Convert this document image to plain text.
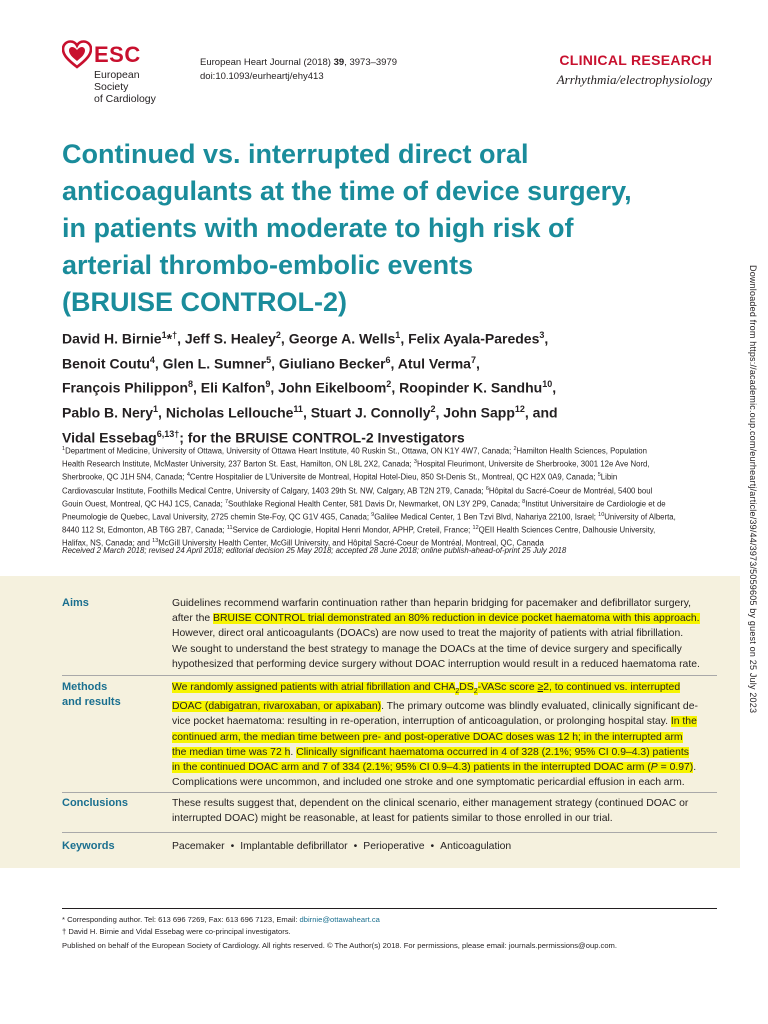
ESC
European Society
of Cardiology
European Heart Journal (2018) 39, 3973–3979
doi:10.1093/eurheartj/ehy413
CLINICAL RESEARCH
Arrhythmia/electrophysiology
Continued vs. interrupted direct oral
anticoagulants at the time of device surgery,
in patients with moderate to high risk of
arterial thrombo-embolic events
(BRUISE CONTROL-2)
David H. Birnie$^1$*†, Jeff S. Healey$^2$, George A. Wells$^1$, Felix Ayala-Paredes$^3$,
Benoit Coutu$^4$, Glen L. Sumner$^5$, Giuliano Becker$^6$, Atul Verma$^7$,
François Philippon$^8$, Eli Kalfon$^9$, John Eikelboom$^2$, Roopinder K. Sandhu$^{10}$,
Pablo B. Nery$^1$, Nicholas Lellouche$^{11}$, Stuart J. Connolly$^2$, John Sapp$^{12}$, and
Vidal Essebag$^{6,13\dagger}$; for the BRUISE CONTROL-2 Investigators
$^1$Department of Medicine, University of Ottawa, University of Ottawa Heart Institute, 40 Ruskin St., Ottawa, ON K1Y 4W7, Canada; $^2$Hamilton Health Sciences, Population
Health Research Institute, McMaster University, 237 Barton St. East, Hamilton, ON L8L 2X2, Canada; $^3$Hospital Fleurimont, Universite de Sherbrooke, 3001 12e Ave Nord,
Sherbrooke, QC J1H 5N4, Canada; $^4$Centre Hospitalier de L’Universite de Montreal, Hopital Hotel-Dieu, 850 St-Denis St., Montreal, QC H2X 0A9, Canada; $^5$Libin
Cardiovascular Institute, Foothills Medical Centre, University of Calgary, 1403 29th St. NW, Calgary, AB T2N 2T9, Canada; $^6$Hôpital du Sacré-Coeur de Montréal, 5400 boul
Gouin Ouest, Montreal, QC H4J 1C5, Canada; $^7$Southlake Regional Health Center, 581 Davis Dr, Newmarket, ON L3Y 2P9, Canada; $^8$Institut Universitaire de Cardiologie et de
Pneumologie de Quebec, Laval University, 2725 chemin Ste-Foy, QC G1V 4G5, Canada; $^9$Galilee Medical Center, 1 Ben Tzvi Blvd, Nahariya 22100, Israel; $^{10}$University of Alberta,
8440 112 St, Edmonton, AB T6G 2B7, Canada; $^{11}$Service de Cardiologie, Hopital Henri Mondor, APHP, Creteil, France; $^{12}$QEII Health Sciences Centre, Dalhousie University,
Halifax, NS, Canada; and $^{13}$McGill University Health Center, McGill University, and Hôpital Sacré-Coeur de Montréal, Montreal, QC, Canada
Received 2 March 2018; revised 24 April 2018; editorial decision 25 May 2018; accepted 28 June 2018; online publish-ahead-of-print 25 July 2018
Aims	Guidelines recommend warfarin continuation rather than heparin bridging for pacemaker and defibrillator surgery,
after the BRUISE CONTROL trial demonstrated an 80% reduction in device pocket haematoma with this approach.
However, direct oral anticoagulants (DOACs) are now used to treat the majority of patients with atrial fibrillation.
We sought to understand the best strategy to manage the DOACs at the time of device surgery and specifically
hypothesized that performing device surgery without DOAC interruption would result in a reduced haematoma rate.
Methods
and results
We randomly assigned patients with atrial fibrillation and $CHA_2DS_2$-VASc score ≥2, to continued vs. interrupted
DOAC (dabigatran, rivaroxaban, or apixaban). The primary outcome was blindly evaluated, clinically significant de-
vice pocket haematoma: resulting in re-operation, interruption of anticoagulation, or prolonging hospital stay. In the
continued arm, the median time between pre- and post-operative DOAC doses was 12 h; in the interrupted arm
the median time was 72 h. Clinically significant haematoma occurred in 4 of 328 (2.1%; 95% CI 0.9–4.3) patients
in the continued DOAC arm and 7 of 334 (2.1%; 95% CI 0.9–4.3) patients in the interrupted DOAC arm (P = 0.97).
Complications were uncommon, and included one stroke and one symptomatic pericardial effusion in each arm.
Conclusions	These results suggest that, dependent on the clinical scenario, either management strategy (continued DOAC or
interrupted DOAC) might be reasonable, at least for patients similar to those enrolled in our trial.
Keywords	Pacemaker • Implantable defibrillator • Perioperative • Anticoagulation
* Corresponding author. Tel: 613 696 7269, Fax: 613 696 7123, Email: dbirnie@ottawaheart.ca
† David H. Birnie and Vidal Essebag were co-principal investigators.
Published on behalf of the European Society of Cardiology. All rights reserved. © The Author(s) 2018. For permissions, please email: journals.permissions@oup.com.
Downloaded from https://academic.oup.com/eurheartj/article/39/44/3973/5059605 by guest on 25 July 2023
